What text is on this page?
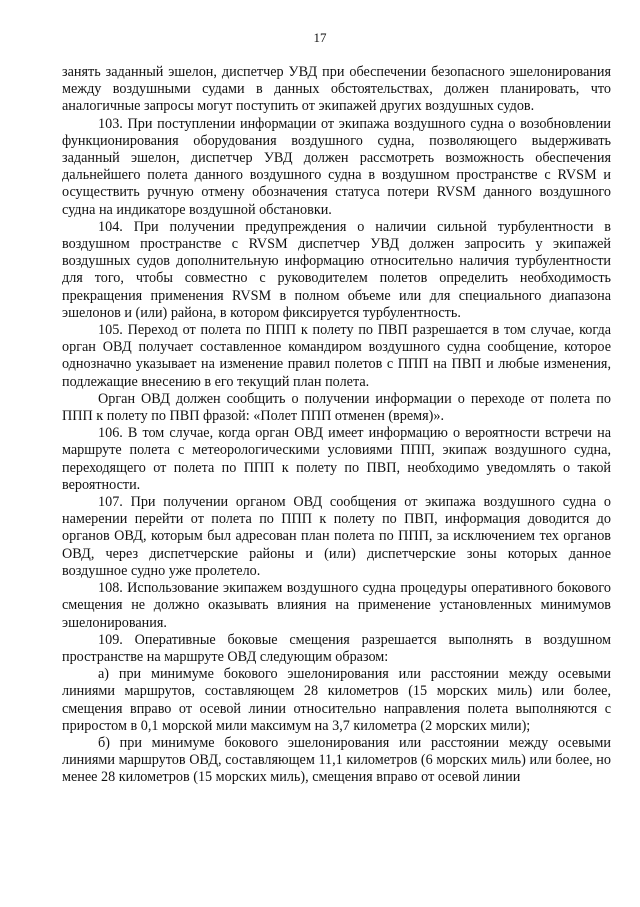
17

занять заданный эшелон, диспетчер УВД при обеспечении безопасного эшелонирования между воздушными судами в данных обстоятельствах, должен планировать, что аналогичные запросы могут поступить от экипажей других воздушных судов.

103. При поступлении информации от экипажа воздушного судна о возобновлении функционирования оборудования воздушного судна, позволяющего выдерживать заданный эшелон, диспетчер УВД должен рассмотреть возможность обеспечения дальнейшего полета данного воздушного судна в воздушном пространстве с RVSM и осуществить ручную отмену обозначения статуса потери RVSM данного воздушного судна на индикаторе воздушной обстановки.

104. При получении предупреждения о наличии сильной турбулентности в воздушном пространстве с RVSM диспетчер УВД должен запросить у экипажей воздушных судов дополнительную информацию относительно наличия турбулентности для того, чтобы совместно с руководителем полетов определить необходимость прекращения применения RVSM в полном объеме или для специального диапазона эшелонов и (или) района, в котором фиксируется турбулентность.

105. Переход от полета по ППП к полету по ПВП разрешается в том случае, когда орган ОВД получает составленное командиром воздушного судна сообщение, которое однозначно указывает на изменение правил полетов с ППП на ПВП и любые изменения, подлежащие внесению в его текущий план полета.

Орган ОВД должен сообщить о получении информации о переходе от полета по ППП к полету по ПВП фразой: «Полет ППП отменен (время)».

106. В том случае, когда орган ОВД имеет информацию о вероятности встречи на маршруте полета с метеорологическими условиями ППП, экипаж воздушного судна, переходящего от полета по ППП к полету по ПВП, необходимо уведомлять о такой вероятности.

107. При получении органом ОВД сообщения от экипажа воздушного судна о намерении перейти от полета по ППП к полету по ПВП, информация доводится до органов ОВД, которым был адресован план полета по ППП, за исключением тех органов ОВД, через диспетчерские районы и (или) диспетчерские зоны которых данное воздушное судно уже пролетело.

108. Использование экипажем воздушного судна процедуры оперативного бокового смещения не должно оказывать влияния на применение установленных минимумов эшелонирования.

109. Оперативные боковые смещения разрешается выполнять в воздушном пространстве на маршруте ОВД следующим образом:

а) при минимуме бокового эшелонирования или расстоянии между осевыми линиями маршрутов, составляющем 28 километров (15 морских миль) или более, смещения вправо от осевой линии относительно направления полета выполняются с приростом в 0,1 морской мили максимум на 3,7 километра (2 морских мили);

б) при минимуме бокового эшелонирования или расстоянии между осевыми линиями маршрутов ОВД, составляющем 11,1 километров (6 морских миль) или более, но менее 28 километров (15 морских миль), смещения вправо от осевой линии
